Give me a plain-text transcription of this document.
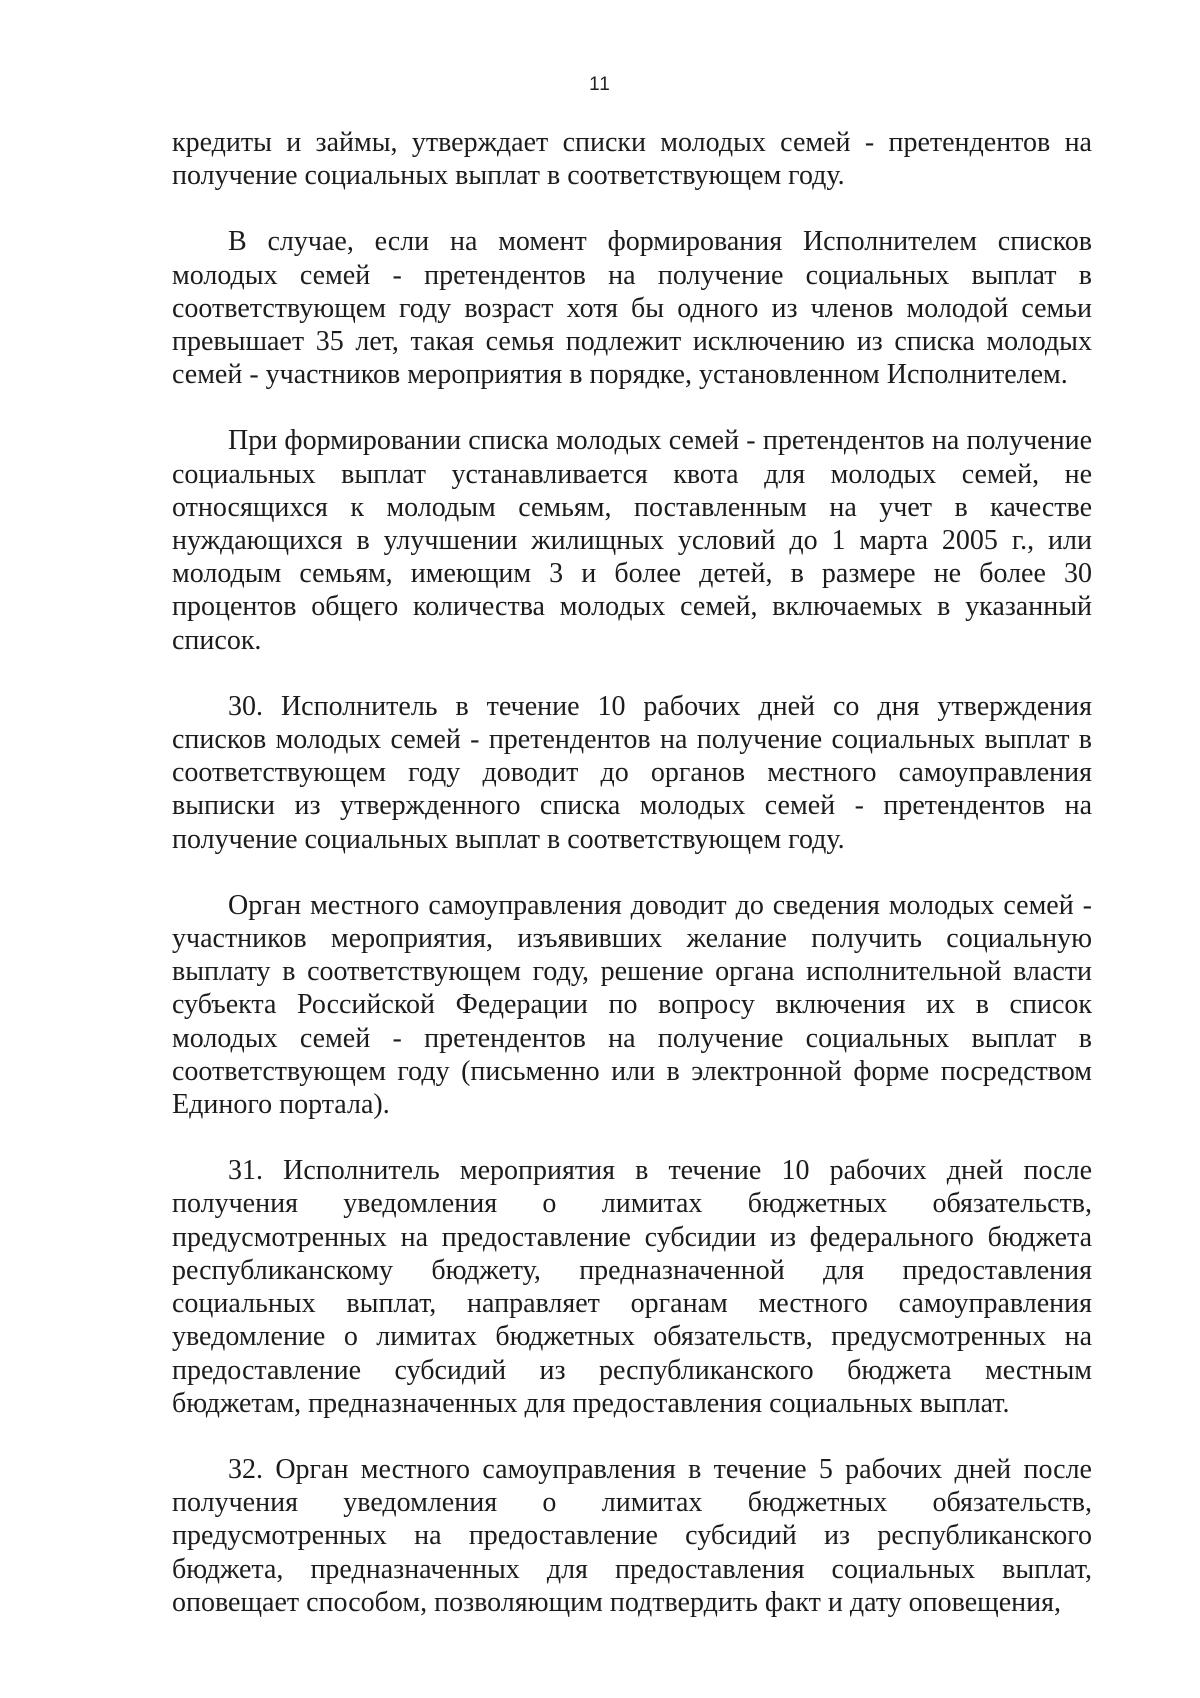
11

кредиты и займы, утверждает списки молодых семей - претендентов на получение социальных выплат в соответствующем году.

В случае, если на момент формирования Исполнителем списков молодых семей - претендентов на получение социальных выплат в соответствующем году возраст хотя бы одного из членов молодой семьи превышает 35 лет, такая семья подлежит исключению из списка молодых семей - участников мероприятия в порядке, установленном Исполнителем.

При формировании списка молодых семей - претендентов на получение социальных выплат устанавливается квота для молодых семей, не относящихся к молодым семьям, поставленным на учет в качестве нуждающихся в улучшении жилищных условий до 1 марта 2005 г., или молодым семьям, имеющим 3 и более детей, в размере не более 30 процентов общего количества молодых семей, включаемых в указанный список.

30. Исполнитель в течение 10 рабочих дней со дня утверждения списков молодых семей - претендентов на получение социальных выплат в соответствующем году доводит до органов местного самоуправления выписки из утвержденного списка молодых семей - претендентов на получение социальных выплат в соответствующем году.

Орган местного самоуправления доводит до сведения молодых семей - участников мероприятия, изъявивших желание получить социальную выплату в соответствующем году, решение органа исполнительной власти субъекта Российской Федерации по вопросу включения их в список молодых семей - претендентов на получение социальных выплат в соответствующем году (письменно или в электронной форме посредством Единого портала).

31. Исполнитель мероприятия в течение 10 рабочих дней после получения уведомления о лимитах бюджетных обязательств, предусмотренных на предоставление субсидии из федерального бюджета республиканскому бюджету, предназначенной для предоставления социальных выплат, направляет органам местного самоуправления уведомление о лимитах бюджетных обязательств, предусмотренных на предоставление субсидий из республиканского бюджета местным бюджетам, предназначенных для предоставления социальных выплат.

32. Орган местного самоуправления в течение 5 рабочих дней после получения уведомления о лимитах бюджетных обязательств, предусмотренных на предоставление субсидий из республиканского бюджета, предназначенных для предоставления социальных выплат, оповещает способом, позволяющим подтвердить факт и дату оповещения,
